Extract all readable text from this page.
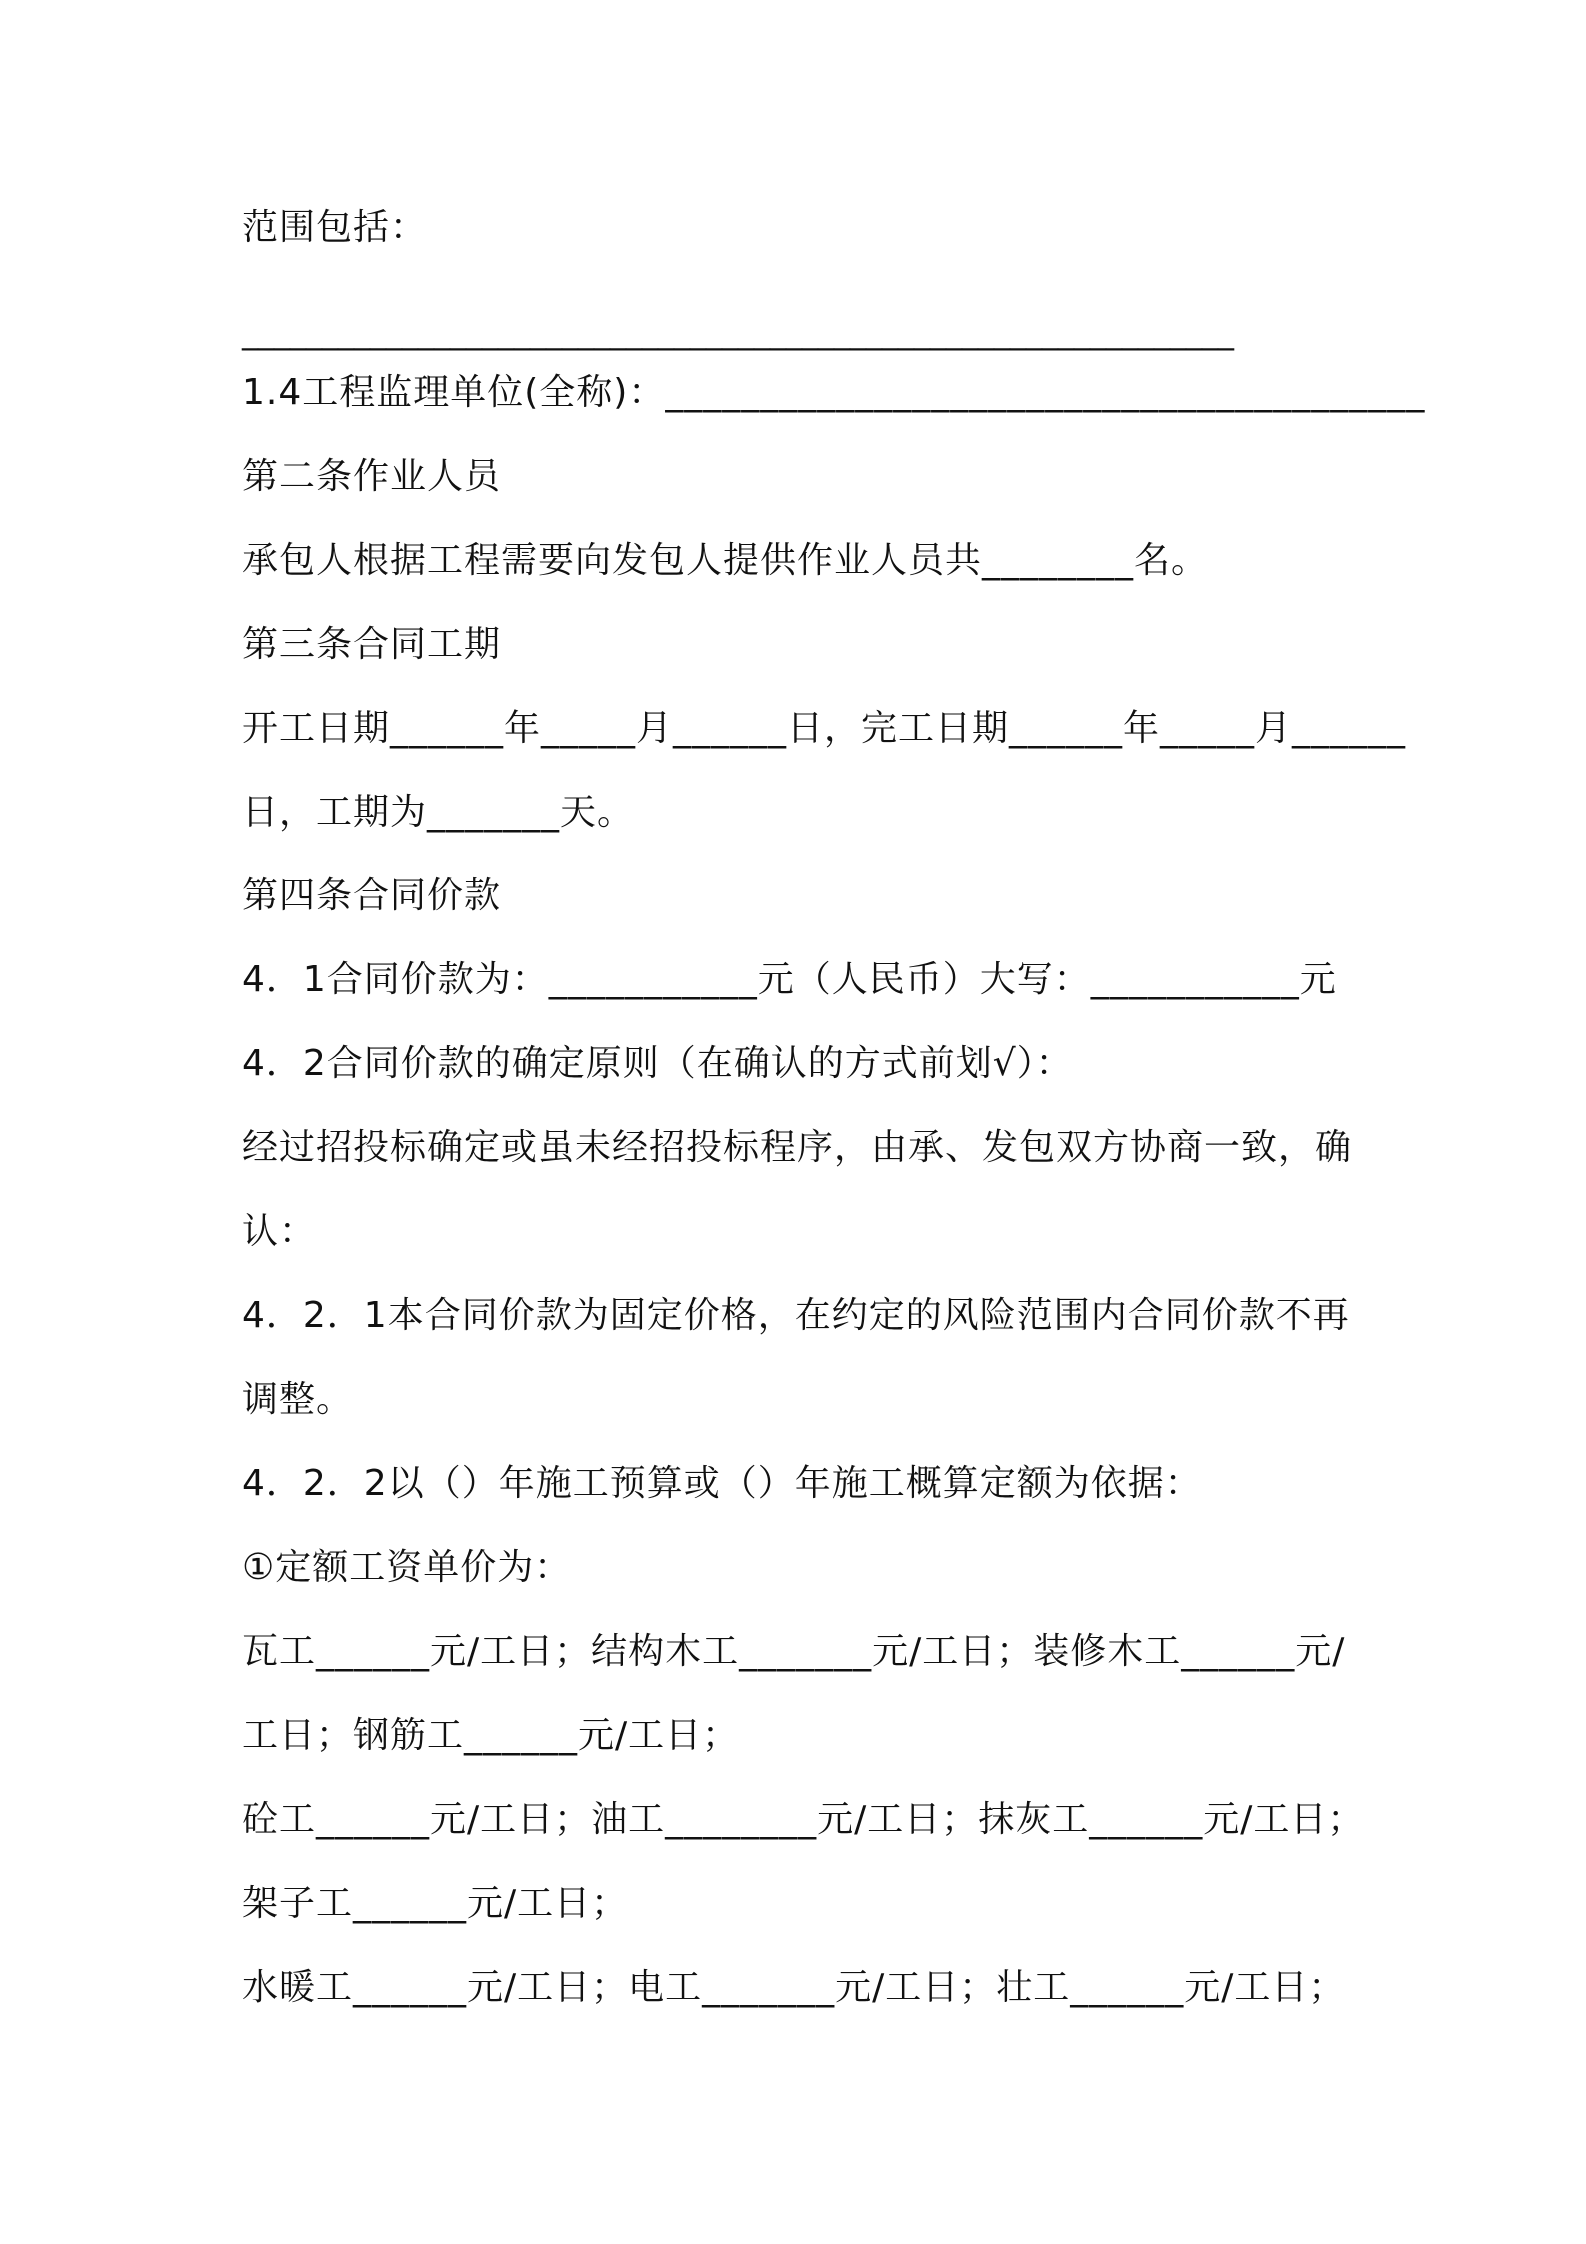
范围包括：
______________________________________________________________
1.4工程监理单位(全称)：________________________________________
第二条作业人员
承包人根据工程需要向发包人提供作业人员共________名。
第三条合同工期
开工日期______年_____月______日，完工日期______年_____月______
日，工期为_______天。
第四条合同价款
4．1合同价款为：___________元（人民币）大写：___________元
4．2合同价款的确定原则（在确认的方式前划√）：
经过招投标确定或虽未经招投标程序，由承、发包双方协商一致，确
认：
4．2．1本合同价款为固定价格，在约定的风险范围内合同价款不再
调整。
4．2．2以（）年施工预算或（）年施工概算定额为依据：
①定额工资单价为：
瓦工______元/工日；结构木工_______元/工日；装修木工______元/
工日；钢筋工______元/工日；
砼工______元/工日；油工________元/工日；抹灰工______元/工日；
架子工______元/工日；
水暖工______元/工日；电工_______元/工日；壮工______元/工日；
